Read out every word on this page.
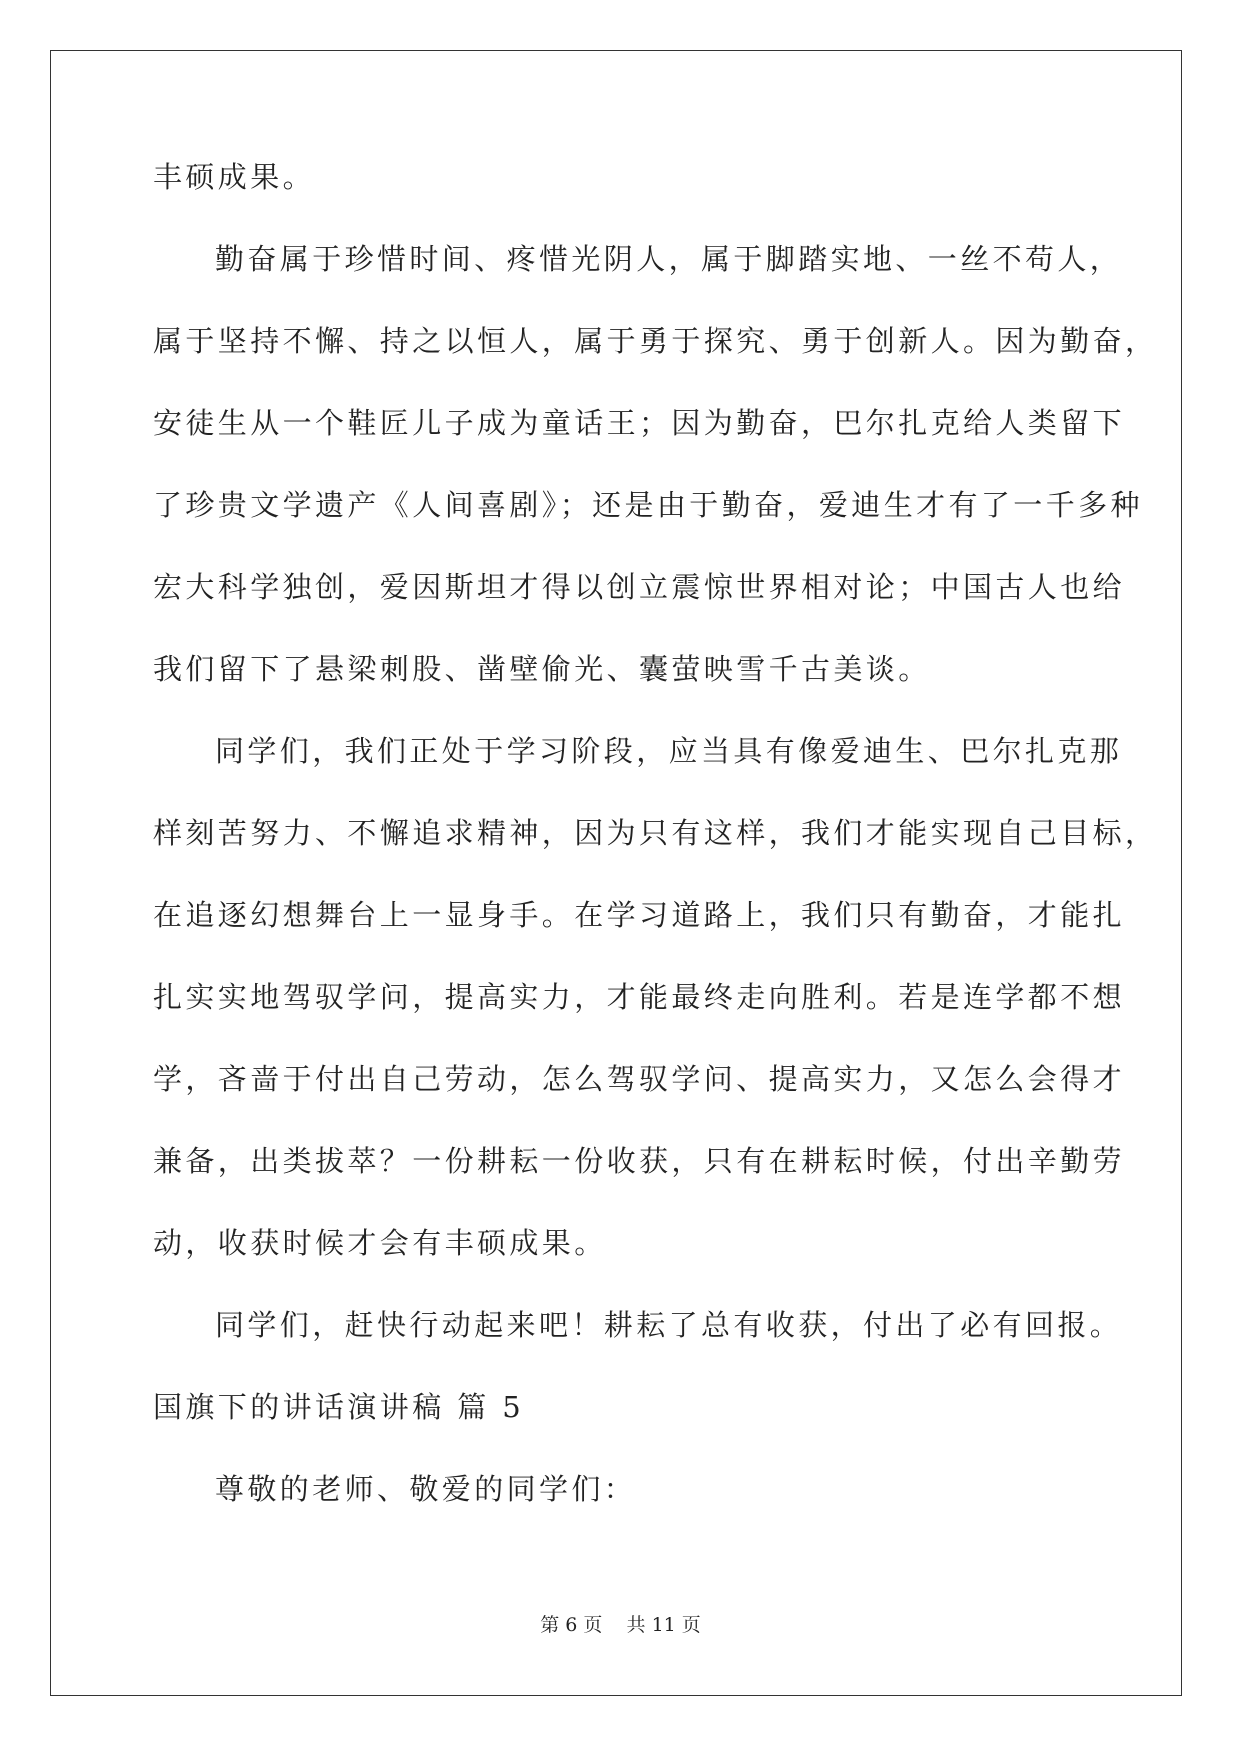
丰硕成果。
勤奋属于珍惜时间、疼惜光阴人，属于脚踏实地、一丝不苟人，
属于坚持不懈、持之以恒人，属于勇于探究、勇于创新人。因为勤奋，
安徒生从一个鞋匠儿子成为童话王；因为勤奋，巴尔扎克给人类留下
了珍贵文学遗产《人间喜剧》；还是由于勤奋，爱迪生才有了一千多种
宏大科学独创，爱因斯坦才得以创立震惊世界相对论；中国古人也给
我们留下了悬梁刺股、凿壁偷光、囊萤映雪千古美谈。
同学们，我们正处于学习阶段，应当具有像爱迪生、巴尔扎克那
样刻苦努力、不懈追求精神，因为只有这样，我们才能实现自己目标，
在追逐幻想舞台上一显身手。在学习道路上，我们只有勤奋，才能扎
扎实实地驾驭学问，提高实力，才能最终走向胜利。若是连学都不想
学，吝啬于付出自己劳动，怎么驾驭学问、提高实力，又怎么会得才
兼备，出类拔萃？一份耕耘一份收获，只有在耕耘时候，付出辛勤劳
动，收获时候才会有丰硕成果。
同学们，赶快行动起来吧！耕耘了总有收获，付出了必有回报。
国旗下的讲话演讲稿 篇 5
尊敬的老师、敬爱的同学们：
第 6 页    共 11 页
